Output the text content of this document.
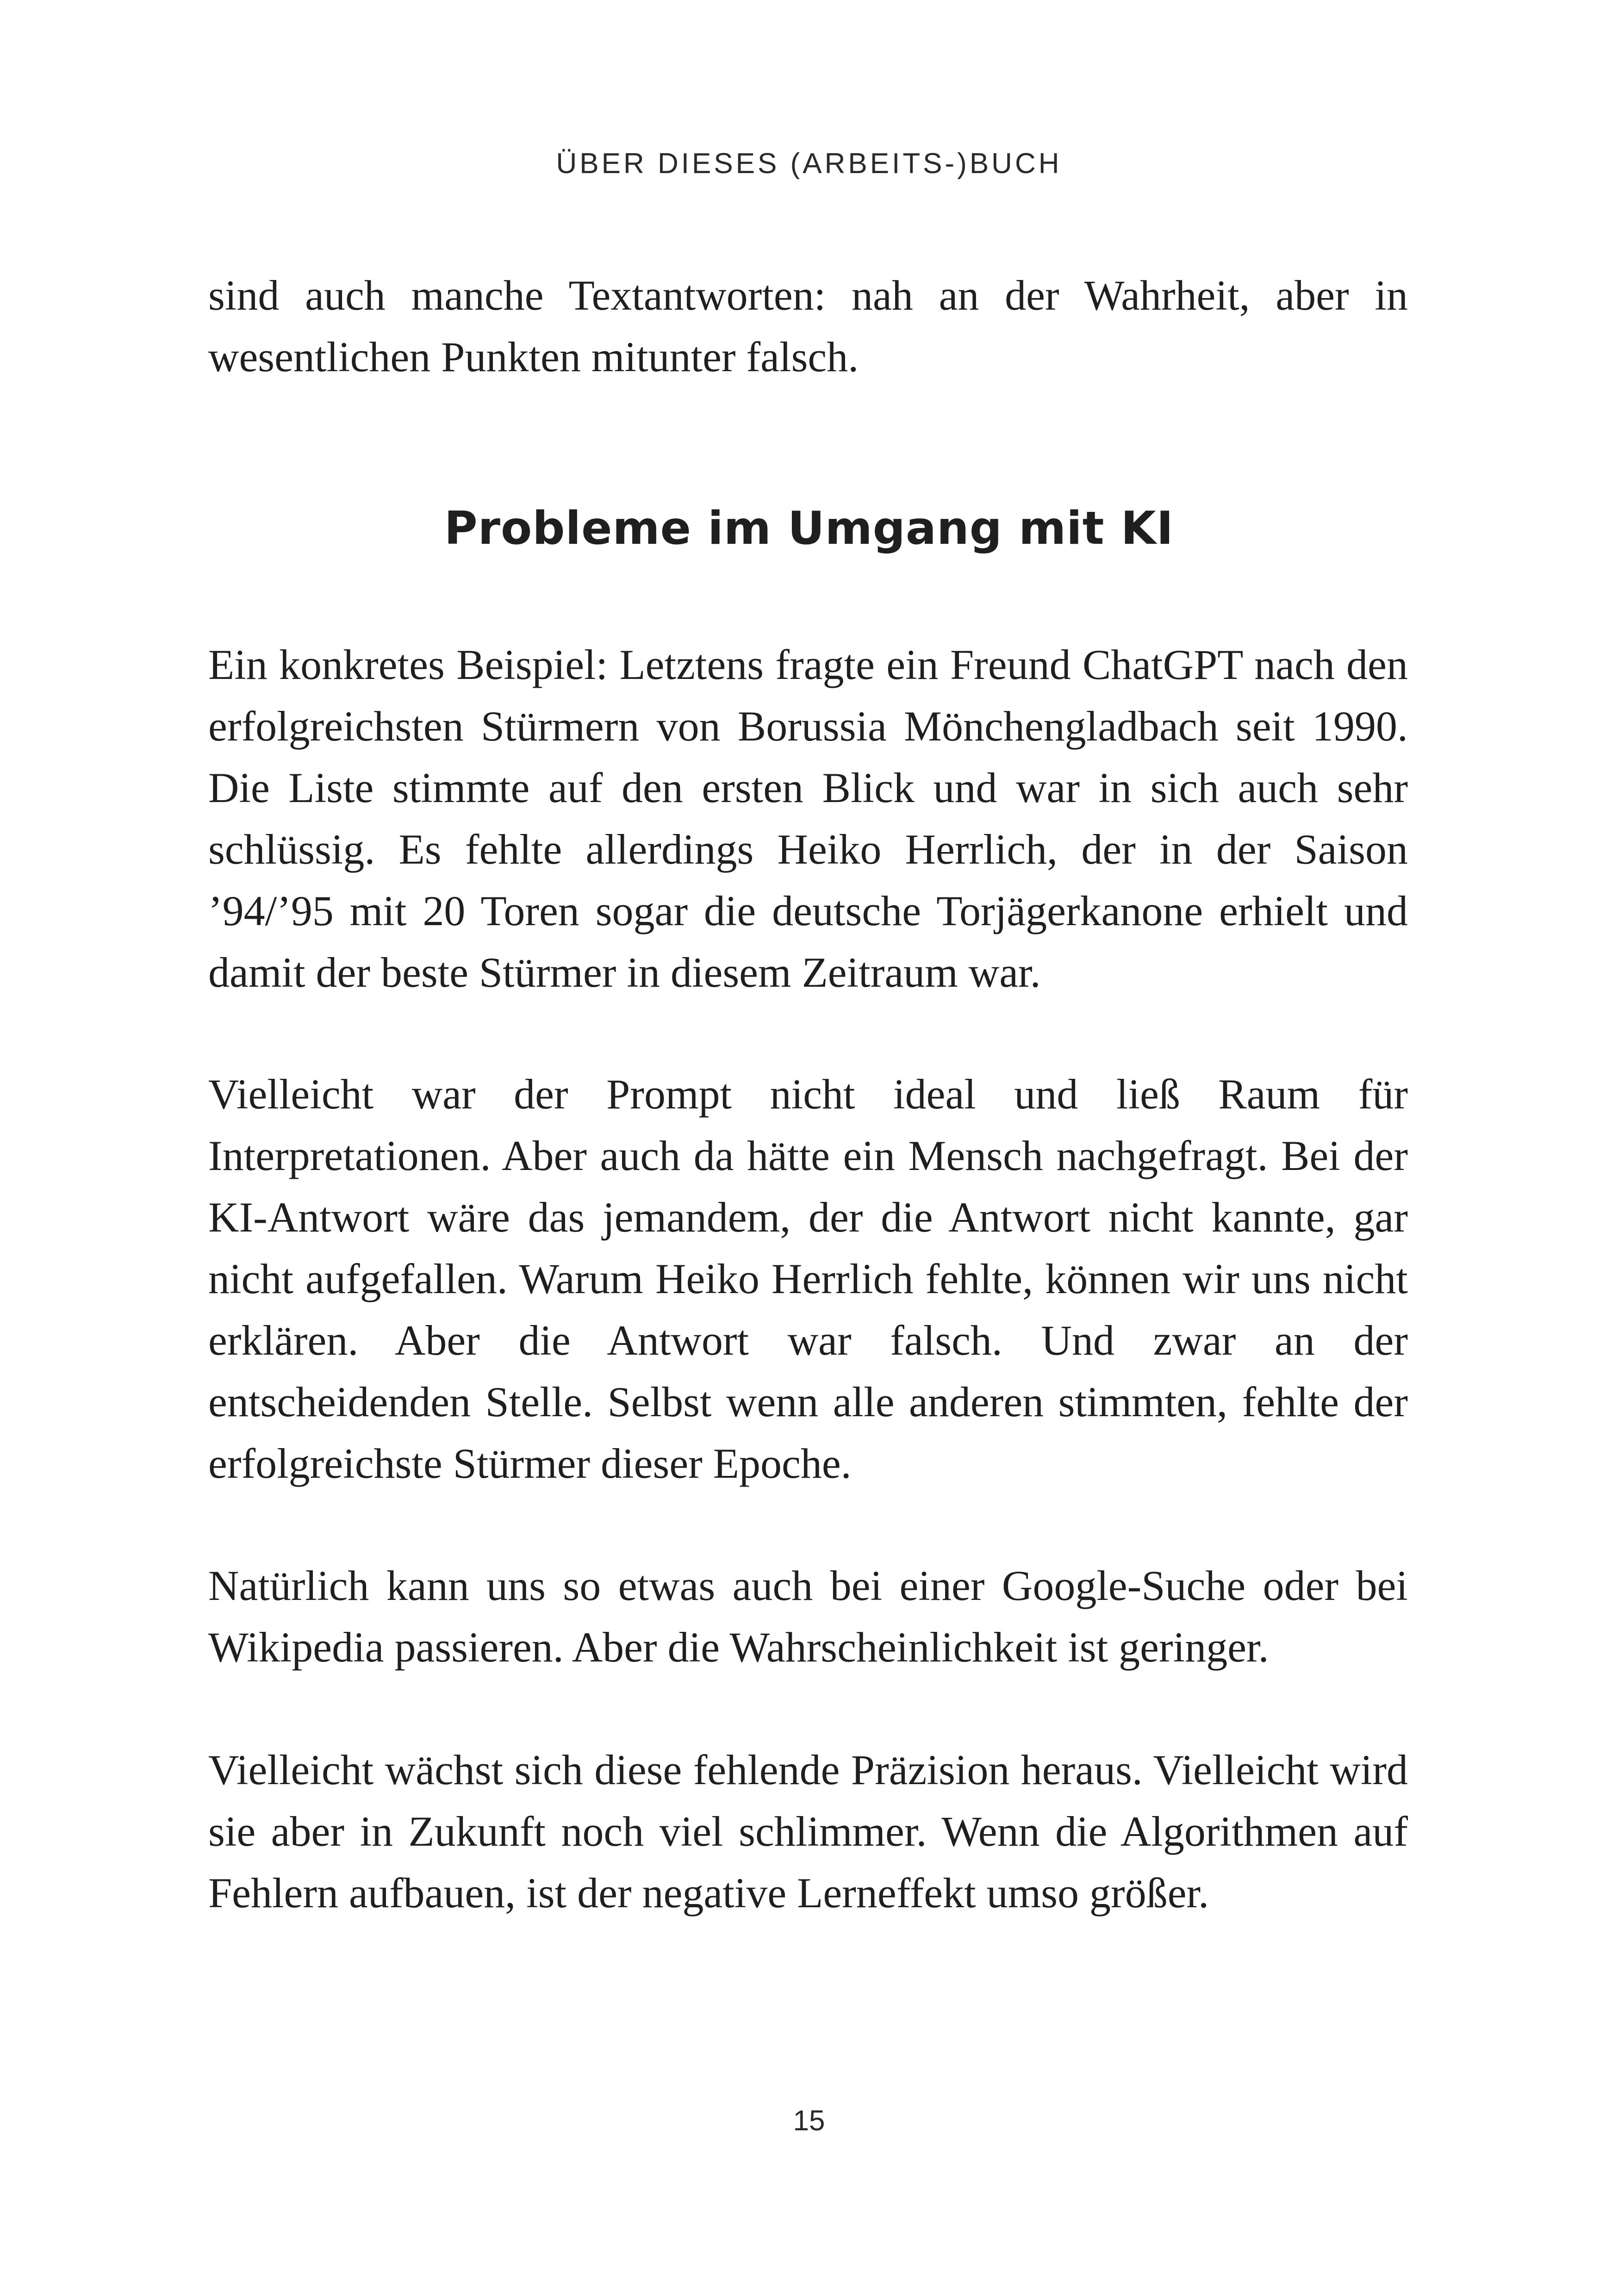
ÜBER DIESES (ARBEITS-)BUCH

sind auch manche Textantworten: nah an der Wahrheit, aber in wesentlichen Punkten mitunter falsch.

Probleme im Umgang mit KI

Ein konkretes Beispiel: Letztens fragte ein Freund ChatGPT nach den erfolgreichsten Stürmern von Borussia Mönchengladbach seit 1990. Die Liste stimmte auf den ersten Blick und war in sich auch sehr schlüssig. Es fehlte allerdings Heiko Herrlich, der in der Saison ’94/’95 mit 20 Toren sogar die deutsche Torjägerkanone erhielt und damit der beste Stürmer in diesem Zeitraum war.

Vielleicht war der Prompt nicht ideal und ließ Raum für Interpretationen. Aber auch da hätte ein Mensch nachgefragt. Bei der KI-Antwort wäre das jemandem, der die Antwort nicht kannte, gar nicht aufgefallen. Warum Heiko Herrlich fehlte, können wir uns nicht erklären. Aber die Antwort war falsch. Und zwar an der entscheidenden Stelle. Selbst wenn alle anderen stimmten, fehlte der erfolgreichste Stürmer dieser Epoche.

Natürlich kann uns so etwas auch bei einer Google-Suche oder bei Wikipedia passieren. Aber die Wahrscheinlichkeit ist geringer.

Vielleicht wächst sich diese fehlende Präzision heraus. Vielleicht wird sie aber in Zukunft noch viel schlimmer. Wenn die Algorithmen auf Fehlern aufbauen, ist der negative Lerneffekt umso größer.

15
